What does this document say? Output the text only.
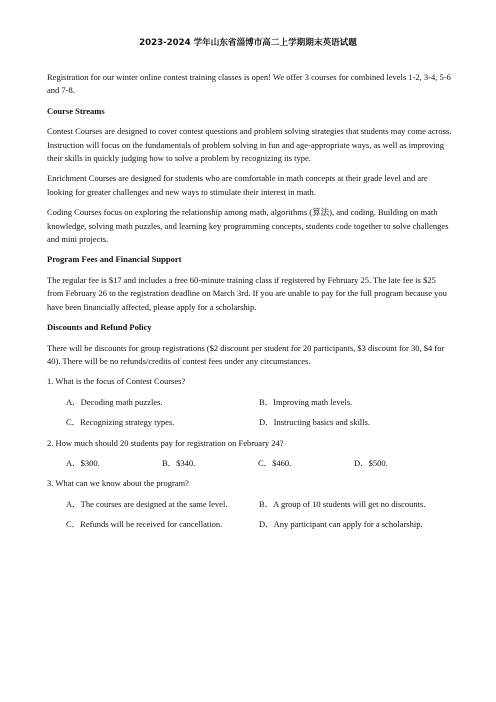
2023-2024 学年山东省淄博市高二上学期期末英语试题

Registration for our winter online contest training classes is open! We offer 3 courses for combined levels 1-2, 3-4, 5-6 and 7-8.

Course Streams

Contest Courses are designed to cover contest questions and problem solving strategies that students may come across. Instruction will focus on the fundamentals of problem solving in fun and age-appropriate ways, as well as improving their skills in quickly judging how to solve a problem by recognizing its type.

Enrichment Courses are designed for students who are comfortable in math concepts at their grade level and are looking for greater challenges and new ways to stimulate their interest in math.

Coding Courses focus on exploring the relationship among math, algorithms (算法), and coding. Building on math knowledge, solving math puzzles, and learning key programming concepts, students code together to solve challenges and mini projects.

Program Fees and Financial Support

The regular fee is $17 and includes a free 60-minute training class if registered by February 25. The late fee is $25 from February 26 to the registration deadline on March 3rd. If you are unable to pay for the full program because you have been financially affected, please apply for a scholarship.

Discounts and Refund Policy

There will be discounts for group registrations ($2 discount per student for 20 participants, $3 discount for 30, $4 for 40). There will be no refunds/credits of contest fees under any circumstances.

1. What is the focus of Contest Courses?

A．Decoding math puzzles.	B．Improving math levels.
C．Recognizing strategy types.	D．Instructing basics and skills.

2. How much should 20 students pay for registration on February 24?

A．$300.	B．$340.	C．$460.	D．$500.

3. What can we know about the program?

A．The courses are designed at the same level.	B．A group of 10 students will get no discounts.
C．Refunds will be received for cancellation.	D．Any participant can apply for a scholarship.
